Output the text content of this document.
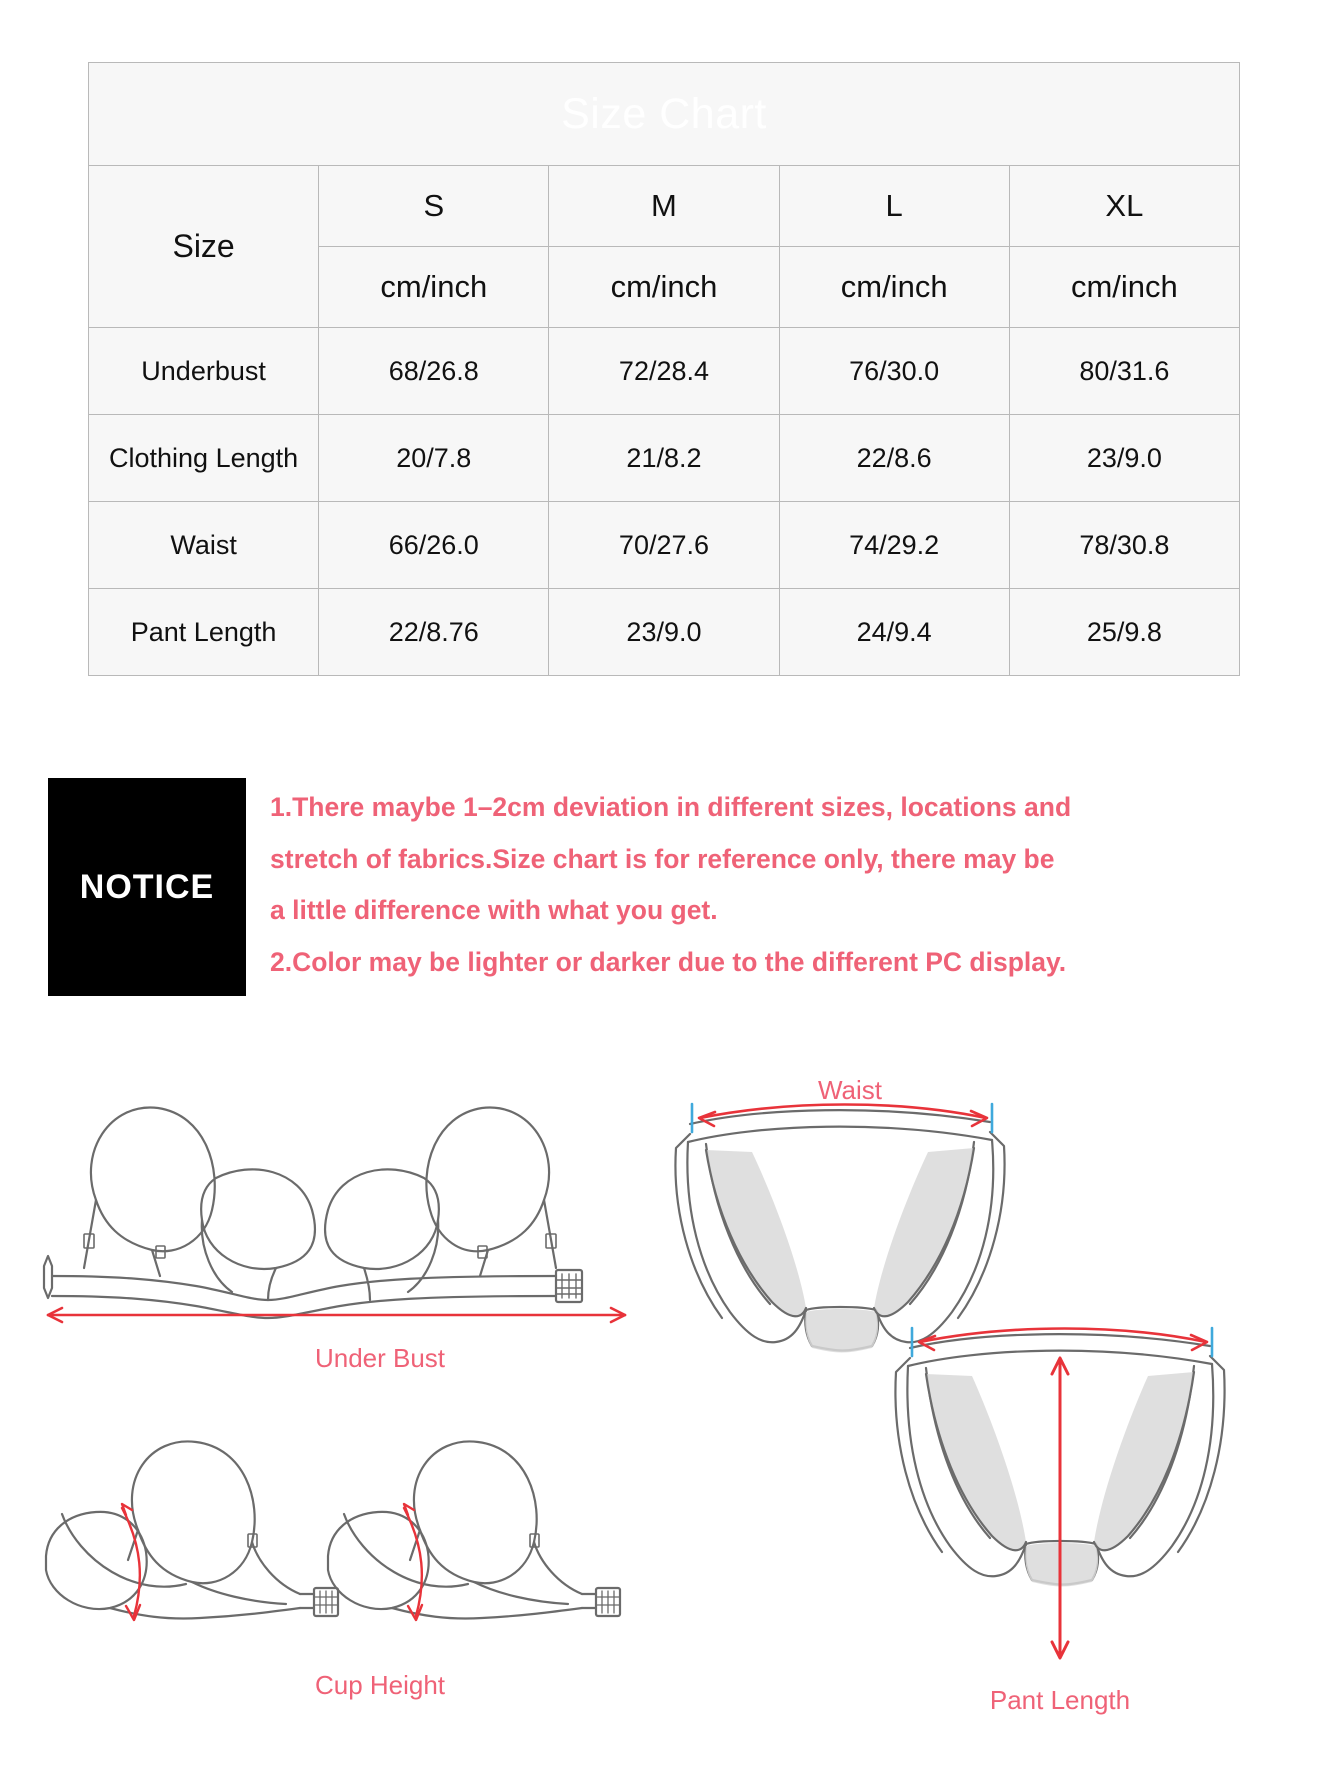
Size Chart				
Size	S	M	L	XL
	cm/inch	cm/inch	cm/inch	cm/inch
Underbust	68/26.8	72/28.4	76/30.0	80/31.6
Clothing Length	20/7.8	21/8.2	22/8.6	23/9.0
Waist	66/26.0	70/27.6	74/29.2	78/30.8
Pant Length	22/8.76	23/9.0	24/9.4	25/9.8
NOTICE

1.There maybe 1–2cm deviation in different sizes, locations and

stretch of fabrics.Size chart is for reference only, there may be

a little difference with what you get.

2.Color may be lighter or darker due to the different PC display.

Under Bust
Cup Height
Waist
Pant Length
